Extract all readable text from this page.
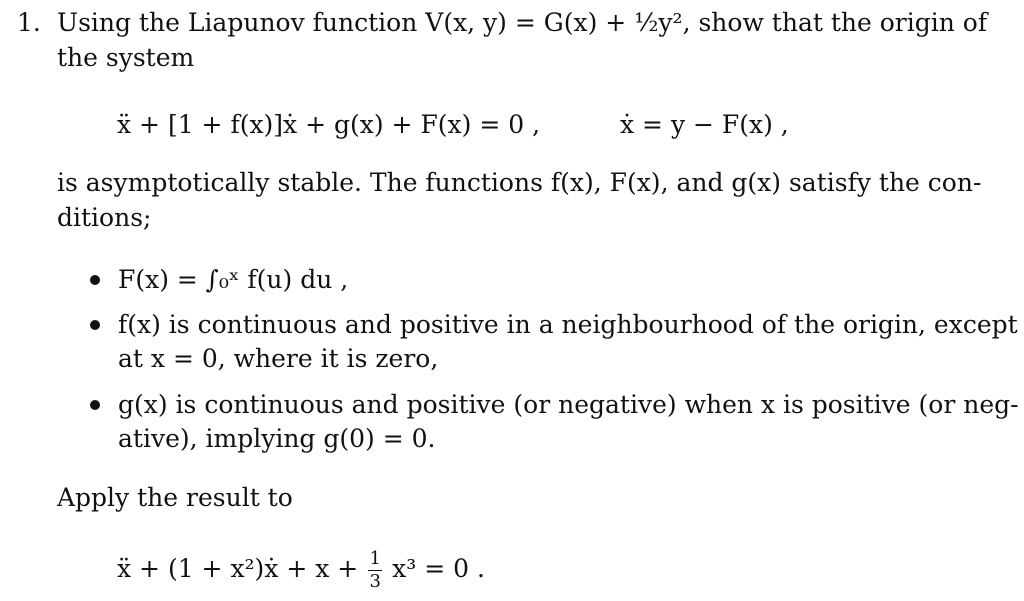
1. Using the Liapunov function V(x, y) = G(x) + ½y², show that the origin of
the system
ẍ + [1 + f(x)]ẋ + g(x) + F(x) = 0 ,	ẋ = y − F(x) ,
is asymptotically stable. The functions f(x), F(x), and g(x) satisfy the con-
ditions;
F(x) = ∫₀ˣ f(u) du ,
f(x) is continuous and positive in a neighbourhood of the origin, except
at x = 0, where it is zero,
g(x) is continuous and positive (or negative) when x is positive (or neg-
ative), implying g(0) = 0.
Apply the result to
ẍ + (1 + x²)ẋ + $x + \frac{1}{3} x^3 = 0$ .
